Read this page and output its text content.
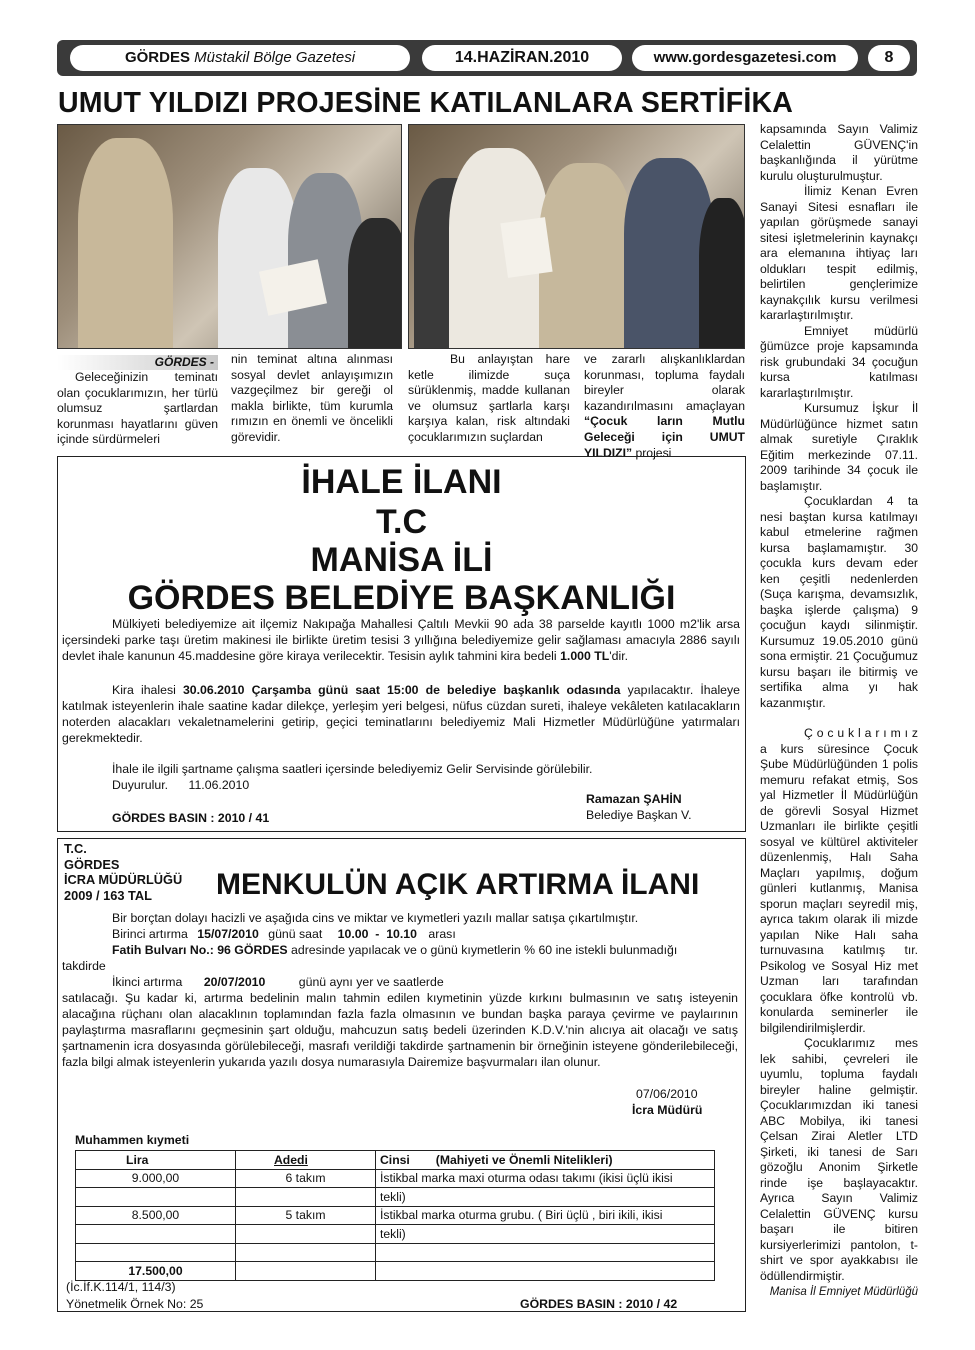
GÖRDES Müstakil Bölge Gazetesi	14.HAZİRAN.2010	www.gordesgazetesi.com	8
UMUT YILDIZI PROJESİNE KATILANLARA SERTİFİKA
GÖRDES -

Geleceğinizin teminatı olan çocuklarımızın, her türlü olumsuz şartlardan korunması hayatlarını güven içinde sürdürmeleri

nin teminat altına alınması sosyal devlet anlayışımızın vazgeçilmez bir gereği ol makla birlikte, tüm kurumla rımızın en önemli ve öncelikli görevidir.

Bu anlayıştan hare ketle ilimizde suça sürüklenmiş, madde kullanan ve olumsuz şartlarla karşı karşıya kalan, risk altındaki çocuklarımızın suçlardan

ve zararlı alışkanlıklardan korunması, topluma faydalı bireyler olarak kazandırılmasını amaçlayan “Çocuk ların Mutlu Geleceği için UMUT YILDIZI” projesi

kapsamında Sayın Valimiz Celalettin GÜVENÇ'in başkanlığında il yürütme kurulu oluşturulmuştur.

İlimiz Kenan Evren Sanayi Sitesi esnafları ile yapılan görüşmede sanayi sitesi işletmelerinin kaynakçı ara elemanına ihtiyaç ları oldukları tespit edilmiş, belirtilen gençlerimize kaynakçılık kursu verilmesi kararlaştırılmıştır.

Emniyet müdürlü ğümüzce proje kapsamında risk grubundaki 34 çocuğun kursa katılması kararlaştırılmıştır.

Kursumuz İşkur İl Müdürlüğünce hizmet satın almak suretiyle Çıraklık Eğitim merkezinde 07.11. 2009 tarihinde 34 çocuk ile başlamıştır.

Çocuklardan 4 ta nesi baştan kursa katılmayı kabul etmelerine rağmen kursa başlamamıştır. 30 çocukla kurs devam eder ken çeşitli nedenlerden (Suça karışma, devamsızlık, başka işlerde çalışma) 9 çocuğun kaydı silinmiştir. Kursumuz 19.05.2010 günü sona ermiştir. 21 Çocuğumuz kursu başarı ile bitirmiş ve sertifika alma yı hak kazanmıştır.

Ç o c u k l a r ı m ı z a kurs süresince Çocuk Şube Müdürlüğünden 1 polis memuru refakat etmiş, Sos yal Hizmetler İl Müdürlüğün de görevli Sosyal Hizmet Uzmanları ile birlikte çeşitli sosyal ve kültürel aktiviteler düzenlenmiş, Halı Saha Maçları yapılmış, doğum günleri kutlanmış, Manisa sporun maçları seyredil miş, ayrıca takım olarak ili mizde yapılan Nike Halı saha turnuvasına katılmış tır. Psikolog ve Sosyal Hiz met Uzman ları tarafından çocuklara öfke kontrolü vb. konularda seminerler ile bilgilendirilmişlerdir.

Çocuklarımız mes lek sahibi, çevreleri ile uyumlu, topluma faydalı bireyler haline gelmiştir. Çocuklarımızdan iki tanesi ABC Mobilya, iki tanesi Çelsan Zirai Aletler LTD Şirketi, iki tanesi de Sarı gözoğlu Anonim Şirketle rinde işe başlayacaktır. Ayrıca Sayın Valimiz Celalettin GÜVENÇ kursu başarı ile bitiren kursiyerlerimizi pantolon, t-shirt ve spor ayakkabısı ile ödüllendirmiştir.

Manisa İl Emniyet Müdürlüğü

İHALE İLANI
T.C
MANİSA İLİ
GÖRDES BELEDİYE BAŞKANLIĞI
Mülkiyeti belediyemize ait ilçemiz Nakıpağa Mahallesi Çaltılı Mevkii 90 ada 38 parselde kayıtlı 1000 m2'lik arsa içersindeki parke taşı üretim makinesi ile birlikte üretim tesisi 3 yıllığına belediyemize gelir sağlaması amacıyla 2886 sayılı devlet ihale kanunun 45.maddesine göre kiraya verilecektir. Tesisin aylık tahmini kira bedeli 1.000 TL'dir.
Kira ihalesi 30.06.2010 Çarşamba günü saat 15:00 de belediye başkanlık odasında yapılacaktır. İhaleye katılmak isteyenlerin ihale saatine kadar dilekçe, yerleşim yeri belgesi, nüfus cüzdan sureti, ihaleye vekâleten katılacakların noterden alacakları vekaletnamelerini getirip, geçici teminatlarını belediyemiz Mali Hizmetler Müdürlüğüne yatırmaları gerekmektedir.
İhale ile ilgili şartname çalışma saatleri içersinde belediyemiz Gelir Servisinde görülebilir.
Duyurulur.      11.06.2010
Ramazan ŞAHİN
Belediye Başkan V.
GÖRDES BASIN : 2010 / 41
T.C.
GÖRDES
İCRA MÜDÜRLÜĞÜ
2009 / 163 TAL	MENKULÜN AÇIK ARTIRMA İLANI
Bir borçtan dolayı hacizli ve aşağıda cins ve miktar ve kıymetleri yazılı mallar satışa çıkartılmıştır.
Birinci artırma 15/07/2010 günü saat 10.00  -  10.10 arası
Fatih Bulvarı No.: 96 GÖRDES adresinde yapılacak ve o günü kıymetlerin % 60 ine istekli bulunmadığı
takdirde
İkinci artırma 20/07/2010	günü aynı yer ve saatlerde
satılacağı. Şu kadar ki, artırma bedelinin malın tahmin edilen kıymetinin yüzde kırkını bulmasının ve satış isteyenin alacağına rüçhanı olan alacaklının toplamından fazla fazla olmasının ve bundan başka paraya çevirme ve paylaırının paylaştırma masraflarını geçmesinin şart olduğu, mahcuzun satış bedeli üzerinden K.D.V.'nin alıcıya ait olacağı ve satış şartnamenin icra dosyasında görülebileceği, masrafı verildiği takdirde şartnamenin bir örneğinin isteyene gönderilebileceği, fazla bilgi almak isteyenlerin yukarıda yazılı dosya numarasıyla Dairemize başvurmaları ilan olunur.
07/06/2010
İcra Müdürü
Muhammen kıymeti
Lira	Adedi	Cinsi (Mahiyeti ve Önemli Nitelikleri)
9.000,00	6 takım	İstikbal marka maxi oturma odası takımı (ikisi üçlü ikisi
		tekli)
8.500,00	5 takım	İstikbal marka oturma grubu. ( Biri üçlü , biri ikili, ikisi
		tekli)

17.500,00		
(İc.İf.K.114/1, 114/3)
Yönetmelik Örnek No: 25	GÖRDES BASIN : 2010 / 42
